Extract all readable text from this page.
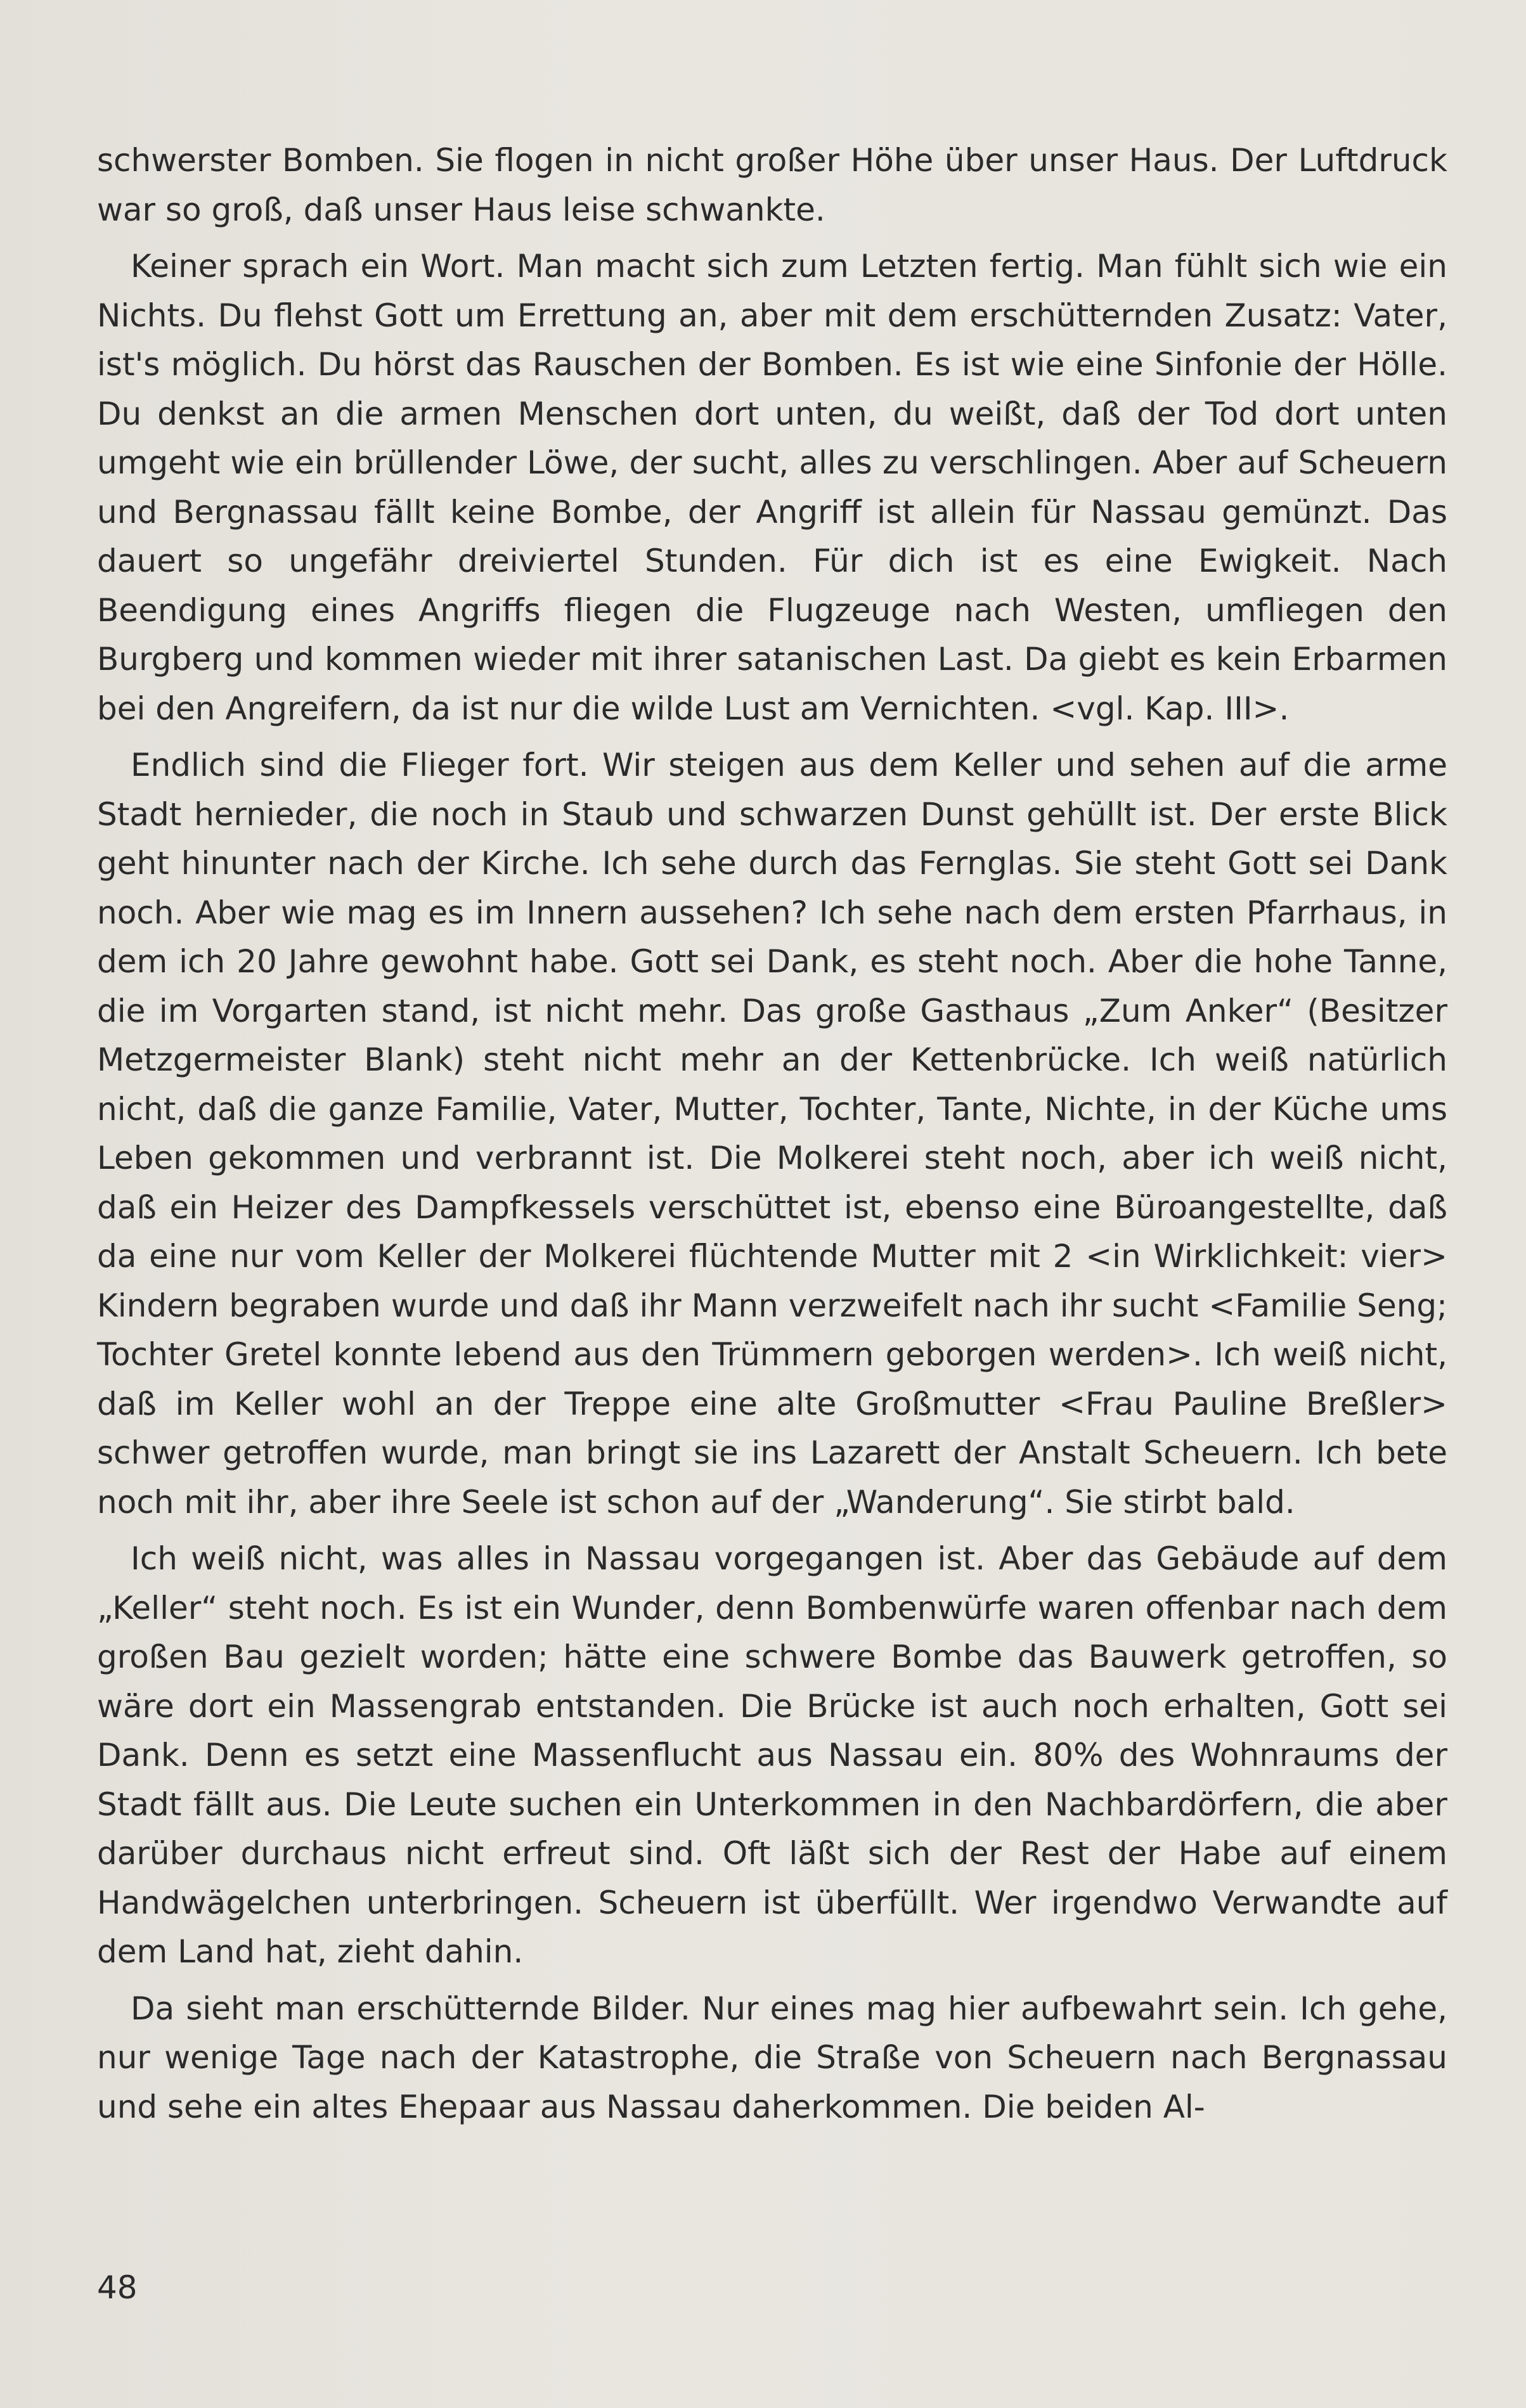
schwerster Bomben. Sie flogen in nicht großer Höhe über unser Haus. Der Luftdruck war so groß, daß unser Haus leise schwankte.

Keiner sprach ein Wort. Man macht sich zum Letzten fertig. Man fühlt sich wie ein Nichts. Du flehst Gott um Errettung an, aber mit dem erschütternden Zusatz: Vater, ist's möglich. Du hörst das Rauschen der Bomben. Es ist wie eine Sinfonie der Hölle. Du denkst an die armen Menschen dort unten, du weißt, daß der Tod dort unten umgeht wie ein brüllender Löwe, der sucht, alles zu verschlingen. Aber auf Scheuern und Bergnassau fällt keine Bombe, der Angriff ist allein für Nassau gemünzt. Das dauert so ungefähr dreiviertel Stunden. Für dich ist es eine Ewigkeit. Nach Beendigung eines Angriffs fliegen die Flugzeuge nach Westen, umfliegen den Burgberg und kommen wieder mit ihrer satanischen Last. Da giebt es kein Erbarmen bei den Angreifern, da ist nur die wilde Lust am Vernichten. <vgl. Kap. III>.

Endlich sind die Flieger fort. Wir steigen aus dem Keller und sehen auf die arme Stadt hernieder, die noch in Staub und schwarzen Dunst gehüllt ist. Der erste Blick geht hinunter nach der Kirche. Ich sehe durch das Fernglas. Sie steht Gott sei Dank noch. Aber wie mag es im Innern aussehen? Ich sehe nach dem ersten Pfarrhaus, in dem ich 20 Jahre gewohnt habe. Gott sei Dank, es steht noch. Aber die hohe Tanne, die im Vorgarten stand, ist nicht mehr. Das große Gasthaus „Zum Anker“ (Besitzer Metzgermeister Blank) steht nicht mehr an der Kettenbrücke. Ich weiß natürlich nicht, daß die ganze Familie, Vater, Mutter, Tochter, Tante, Nichte, in der Küche ums Leben gekommen und verbrannt ist. Die Molkerei steht noch, aber ich weiß nicht, daß ein Heizer des Dampfkessels verschüttet ist, ebenso eine Büroangestellte, daß da eine nur vom Keller der Molkerei flüchtende Mutter mit 2 <in Wirklichkeit: vier> Kindern begraben wurde und daß ihr Mann verzweifelt nach ihr sucht <Familie Seng; Tochter Gretel konnte lebend aus den Trümmern geborgen werden>. Ich weiß nicht, daß im Keller wohl an der Treppe eine alte Großmutter <Frau Pauline Breßler> schwer getroffen wurde, man bringt sie ins Lazarett der Anstalt Scheuern. Ich bete noch mit ihr, aber ihre Seele ist schon auf der „Wanderung“. Sie stirbt bald.

Ich weiß nicht, was alles in Nassau vorgegangen ist. Aber das Gebäude auf dem „Keller“ steht noch. Es ist ein Wunder, denn Bombenwürfe waren offenbar nach dem großen Bau gezielt worden; hätte eine schwere Bombe das Bauwerk getroffen, so wäre dort ein Massengrab entstanden. Die Brücke ist auch noch erhalten, Gott sei Dank. Denn es setzt eine Massenflucht aus Nassau ein. 80% des Wohnraums der Stadt fällt aus. Die Leute suchen ein Unterkommen in den Nachbardörfern, die aber darüber durchaus nicht erfreut sind. Oft läßt sich der Rest der Habe auf einem Handwägelchen unterbringen. Scheuern ist überfüllt. Wer irgendwo Verwandte auf dem Land hat, zieht dahin.

Da sieht man erschütternde Bilder. Nur eines mag hier aufbewahrt sein. Ich gehe, nur wenige Tage nach der Katastrophe, die Straße von Scheuern nach Bergnassau und sehe ein altes Ehepaar aus Nassau daherkommen. Die beiden Al-

48
